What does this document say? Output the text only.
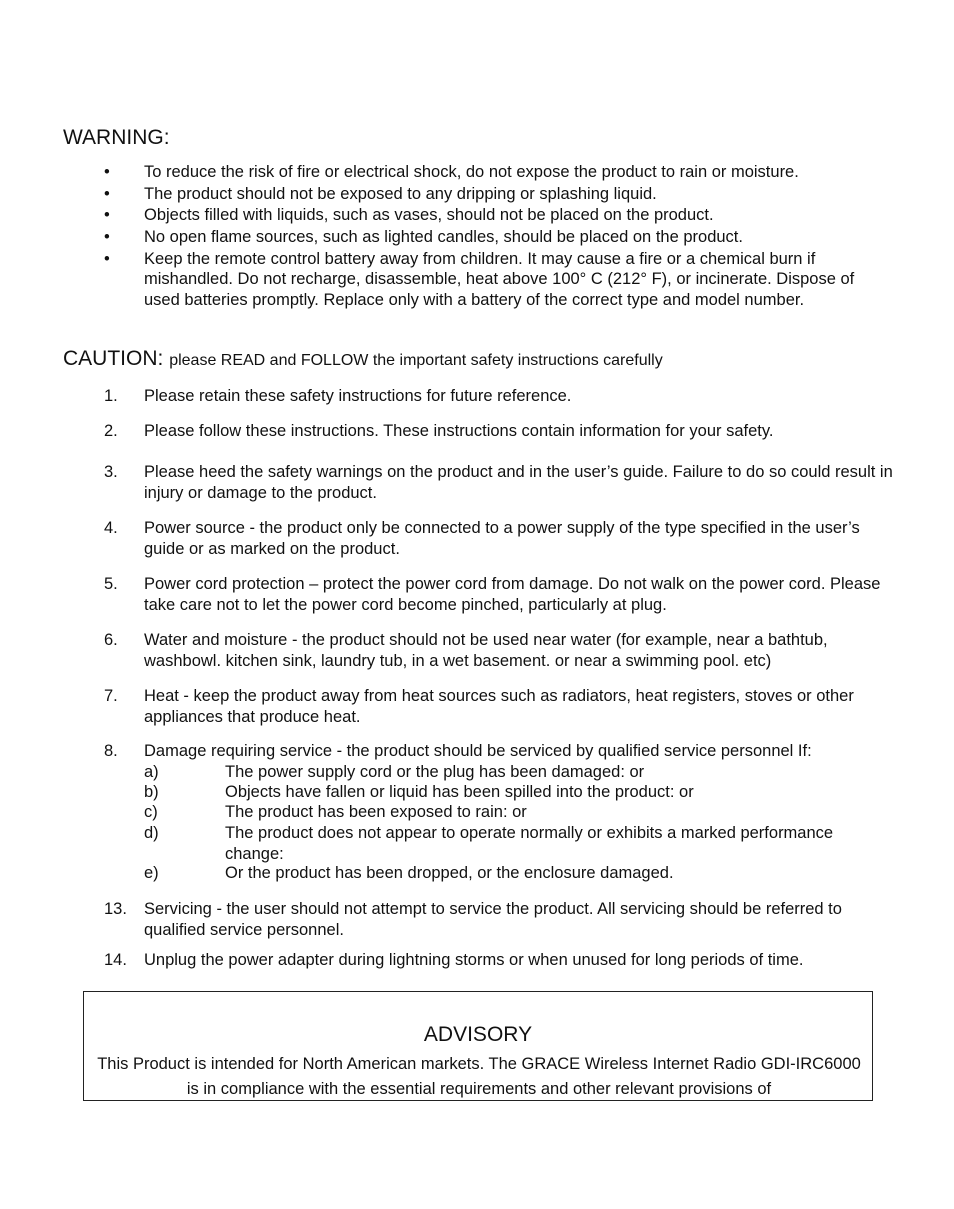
WARNING:
• To reduce the risk of fire or electrical shock, do not expose the product to rain or moisture.
• The product should not be exposed to any dripping or splashing liquid.
• Objects filled with liquids, such as vases, should not be placed on the product.
• No open flame sources, such as lighted candles, should be placed on the product.
• Keep the remote control battery away from children. It may cause a fire or a chemical burn if mishandled. Do not recharge, disassemble, heat above 100° C (212° F), or incinerate. Dispose of used batteries promptly. Replace only with a battery of the correct type and model number.
CAUTION: please READ and FOLLOW the important safety instructions carefully
1. Please retain these safety instructions for future reference.
2. Please follow these instructions. These instructions contain information for your safety.
3. Please heed the safety warnings on the product and in the user’s guide. Failure to do so could result in injury or damage to the product.
4. Power source - the product only be connected to a power supply of the type specified in the user’s guide or as marked on the product.
5. Power cord protection – protect the power cord from damage. Do not walk on the power cord. Please take care not to let the power cord become pinched, particularly at plug.
6. Water and moisture - the product should not be used near water (for example, near a bathtub, washbowl. kitchen sink, laundry tub, in a wet basement. or near a swimming pool. etc)
7. Heat - keep the product away from heat sources such as radiators, heat registers, stoves or other appliances that produce heat.
8. Damage requiring service - the product should be serviced by qualified service personnel If:
a)	The power supply cord or the plug has been damaged: or
b)	Objects have fallen or liquid has been spilled into the product: or
c)	The product has been exposed to rain: or
d)	The product does not appear to operate normally or exhibits a marked performance change:
e)	Or the product has been dropped, or the enclosure damaged.
13. Servicing - the user should not attempt to service the product. All servicing should be referred to qualified service personnel.
14. Unplug the power adapter during lightning storms or when unused for long periods of time.
ADVISORY
This Product is intended for North American markets. The GRACE Wireless Internet Radio GDI-IRC6000 is in compliance with the essential requirements and other relevant provisions of
